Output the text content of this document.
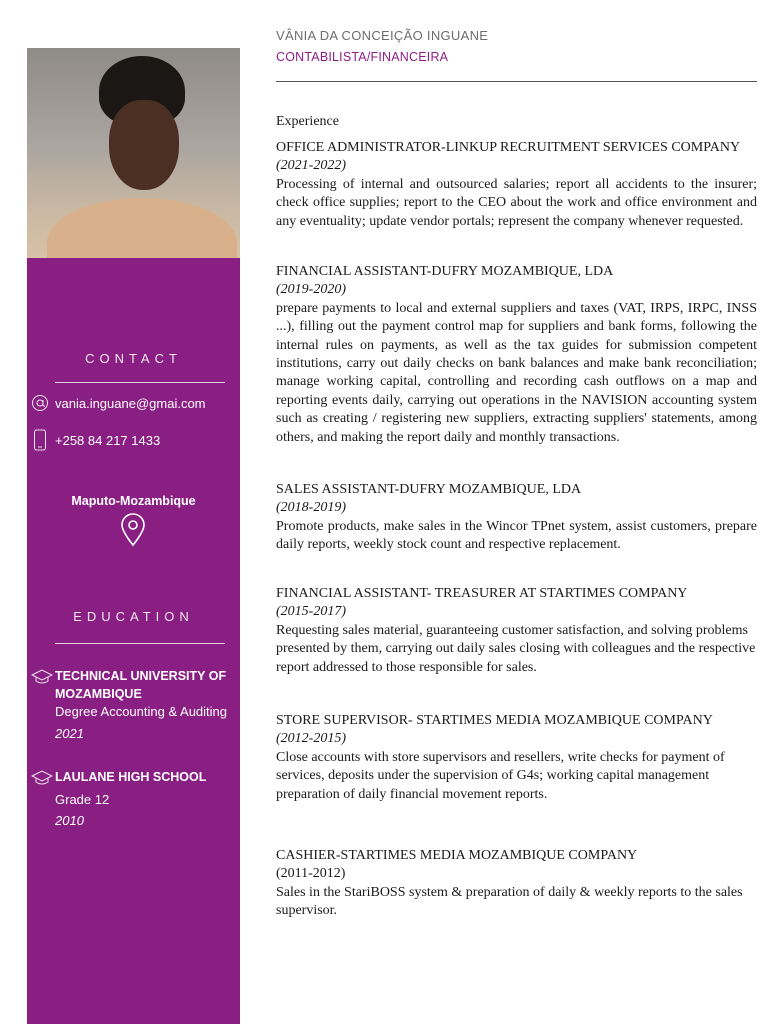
CONTACT
vania.inguane@gmai.com
+258 84 217 1433
Maputo-Mozambique
EDUCATION
TECHNICAL UNIVERSITY OF MOZAMBIQUE
Degree Accounting & Auditing
2021
LAULANE HIGH SCHOOL
Grade 12
2010
VÂNIA DA CONCEIÇÃO INGUANE
CONTABILISTA/FINANCEIRA
Experience

OFFICE ADMINISTRATOR-LINKUP RECRUITMENT SERVICES COMPANY

(2021-2022)

Processing of internal and outsourced salaries; report all accidents to the insurer; check office supplies; report to the CEO about the work and office environment and any eventuality; update vendor portals; represent the company whenever requested.

FINANCIAL ASSISTANT-DUFRY MOZAMBIQUE, LDA

(2019-2020)

prepare payments to local and external suppliers and taxes (VAT, IRPS, IRPC, INSS ...), filling out the payment control map for suppliers and bank forms, following the internal rules on payments, as well as the tax guides for submission competent institutions, carry out daily checks on bank balances and make bank reconciliation; manage working capital, controlling and recording cash outflows on a map and reporting events daily, carrying out operations in the NAVISION accounting system such as creating / registering new suppliers, extracting suppliers' statements, among others, and making the report daily and monthly transactions.

SALES ASSISTANT-DUFRY MOZAMBIQUE, LDA

(2018-2019)

Promote products, make sales in the Wincor TPnet system, assist customers, prepare daily reports, weekly stock count and respective replacement.

FINANCIAL ASSISTANT- TREASURER AT STARTIMES COMPANY

(2015-2017)

Requesting sales material, guaranteeing customer satisfaction, and solving problems presented by them, carrying out daily sales closing with colleagues and the respective report addressed to those responsible for sales.

STORE SUPERVISOR- STARTIMES MEDIA MOZAMBIQUE COMPANY

(2012-2015)

Close accounts with store supervisors and resellers, write checks for payment of services, deposits under the supervision of G4s; working capital management preparation of daily financial movement reports.

CASHIER-STARTIMES MEDIA MOZAMBIQUE COMPANY

(2011-2012)

Sales in the StariBOSS system & preparation of daily & weekly reports to the sales supervisor.
